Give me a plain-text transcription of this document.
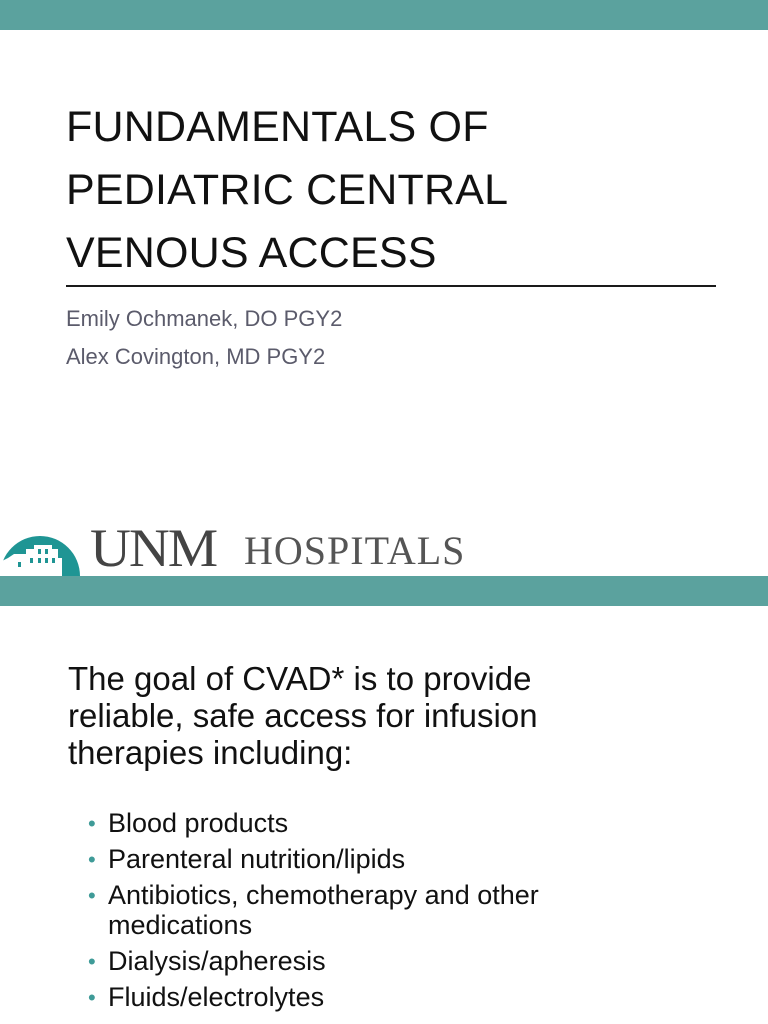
FUNDAMENTALS OF
PEDIATRIC CENTRAL
VENOUS ACCESS
Emily Ochmanek, DO PGY2
Alex Covington, MD PGY2
UNM HOSPITALS

The goal of CVAD* is to provide
reliable, safe access for infusion
therapies including:

• Blood products
• Parenteral nutrition/lipids
• Antibiotics, chemotherapy and other
medications
• Dialysis/apheresis
• Fluids/electrolytes
